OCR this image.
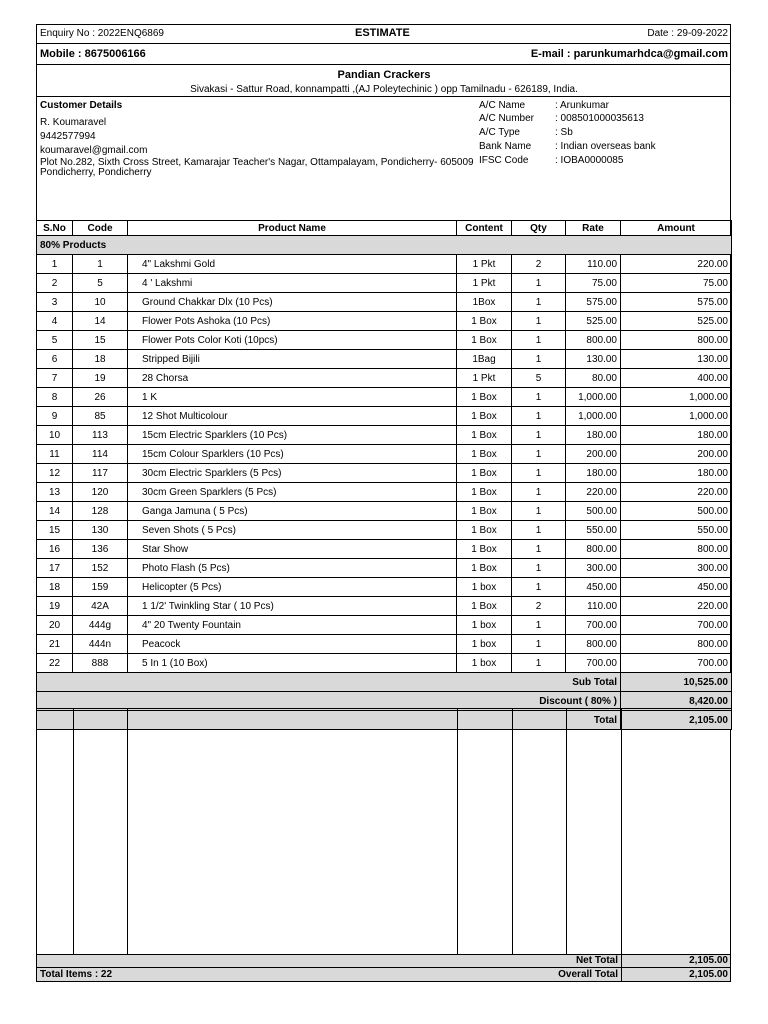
Enquiry No : 2022ENQ6869	ESTIMATE	Date : 29-09-2022
Mobile : 8675006166	E-mail : parunkumarhdca@gmail.com
Pandian Crackers
Sivakasi - Sattur Road, konnampatti ,(AJ Poleytechinic ) opp Tamilnadu - 626189, India.
Customer Details
R. Koumaravel
9442577994
koumaravel@gmail.com
Plot No.282, Sixth Cross Street, Kamarajar Teacher's Nagar, Ottampalayam, Pondicherry- 605009
Pondicherry, Pondicherry
A/C Name	: Arunkumar
A/C Number : 008501000035613
A/C Type	: Sb
Bank Name : Indian overseas bank
IFSC Code	: IOBA0000085
S.No	Code	Product Name	Content	Qty	Rate	Amount
80% Products						
1	1	4" Lakshmi Gold	1 Pkt	2	110.00	220.00
2	5	4 ' Lakshmi	1 Pkt	1	75.00	75.00
3	10	Ground Chakkar Dlx (10 Pcs)	1Box	1	575.00	575.00
4	14	Flower Pots Ashoka (10 Pcs)	1 Box	1	525.00	525.00
5	15	Flower Pots Color Koti (10pcs)	1 Box	1	800.00	800.00
6	18	Stripped Bijili	1Bag	1	130.00	130.00
7	19	28 Chorsa	1 Pkt	5	80.00	400.00
8	26	1 K	1 Box	1	1,000.00	1,000.00
9	85	12 Shot Multicolour	1 Box	1	1,000.00	1,000.00
10	113	15cm Electric Sparklers (10 Pcs)	1 Box	1	180.00	180.00
11	114	15cm Colour Sparklers (10 Pcs)	1 Box	1	200.00	200.00
12	117	30cm Electric Sparklers (5 Pcs)	1 Box	1	180.00	180.00
13	120	30cm Green Sparklers (5 Pcs)	1 Box	1	220.00	220.00
14	128	Ganga Jamuna ( 5 Pcs)	1 Box	1	500.00	500.00
15	130	Seven Shots ( 5 Pcs)	1 Box	1	550.00	550.00
16	136	Star Show	1 Box	1	800.00	800.00
17	152	Photo Flash (5 Pcs)	1 Box	1	300.00	300.00
18	159	Helicopter (5 Pcs)	1 box	1	450.00	450.00
19	42A	1 1/2' Twinkling Star ( 10 Pcs)	1 Box	2	110.00	220.00
20	444g	4" 20 Twenty Fountain	1 box	1	700.00	700.00
21	444n	Peacock	1 box	1	800.00	800.00
22	888	5 In 1 (10 Box)	1 box	1	700.00	700.00
Sub Total						10,525.00
Discount ( 80% )						8,420.00
Total						2,105.00
Net Total	2,105.00
Total Items : 22	Overall Total	2,105.00
